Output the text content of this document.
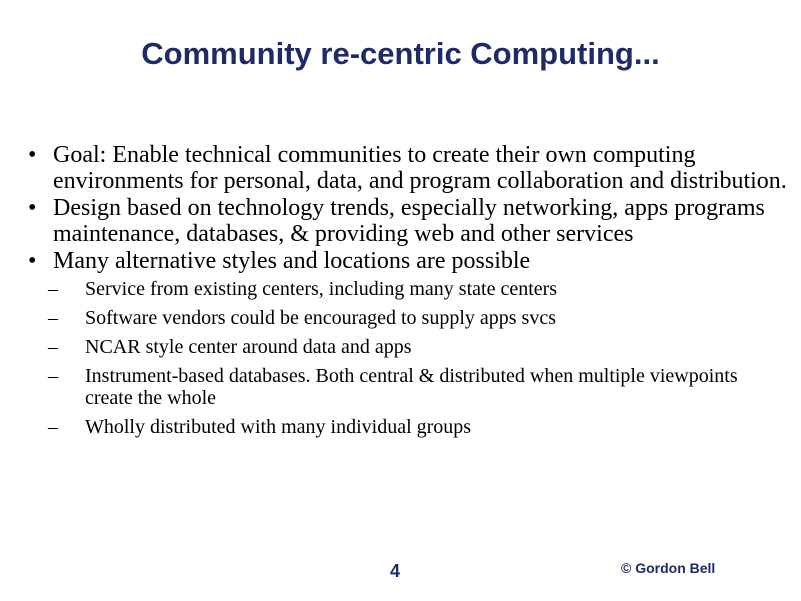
Community re-centric Computing...
• Goal: Enable technical communities to create their own computing environments for personal, data, and program collaboration and distribution.
• Design based on technology trends, especially networking, apps programs maintenance, databases, & providing web and other services
• Many alternative styles and locations are possible
– Service from existing centers, including many state centers
– Software vendors could be encouraged to supply apps svcs
– NCAR style center around data and apps
– Instrument-based databases. Both central & distributed when multiple viewpoints create the whole
– Wholly distributed with many individual groups
4	© Gordon Bell
